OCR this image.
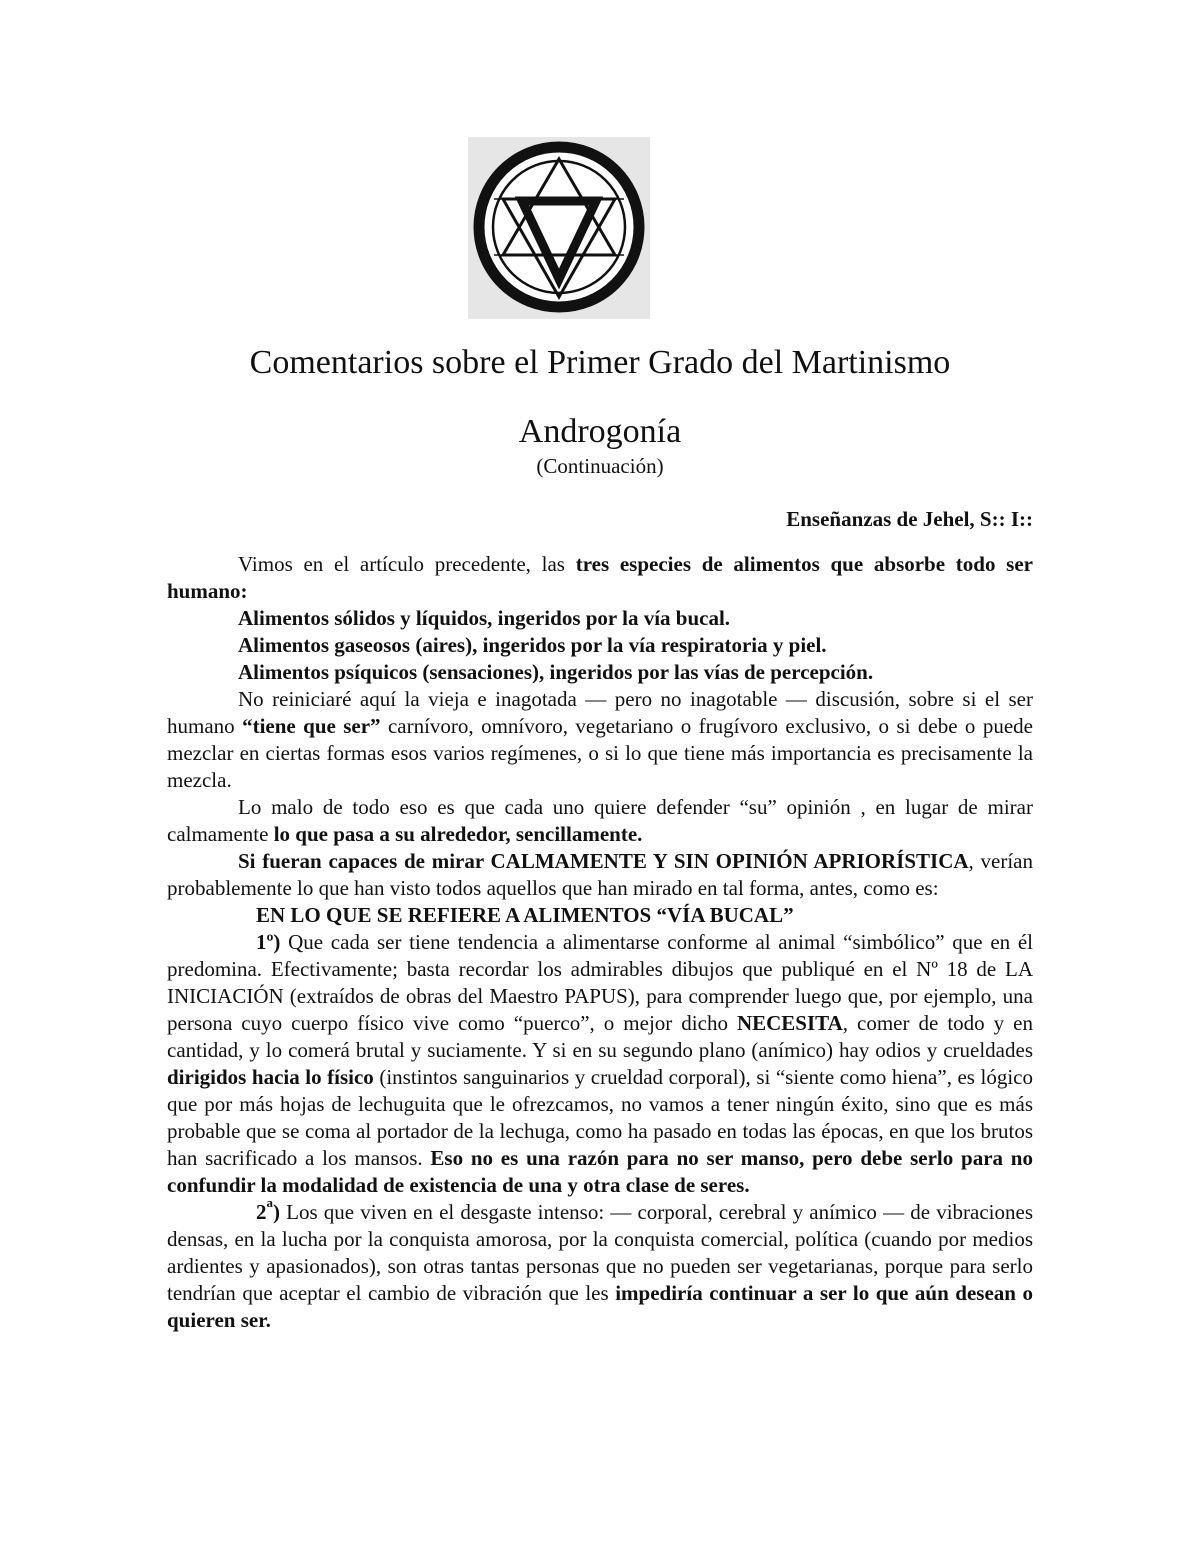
Comentarios sobre el Primer Grado del Martinismo
Androgonía
(Continuación)
Enseñanzas de Jehel, S:: I::

Vimos en el artículo precedente, las tres especies de alimentos que absorbe todo ser humano:

Alimentos sólidos y líquidos, ingeridos por la vía bucal.

Alimentos gaseosos (aires), ingeridos por la vía respiratoria y piel.

Alimentos psíquicos (sensaciones), ingeridos por las vías de percepción.

No reiniciaré aquí la vieja e inagotada — pero no inagotable — discusión, sobre si el ser humano “tiene que ser” carnívoro, omnívoro, vegetariano o frugívoro exclusivo, o si debe o puede mezclar en ciertas formas esos varios regímenes, o si lo que tiene más importancia es precisamente la mezcla.

Lo malo de todo eso es que cada uno quiere defender “su” opinión , en lugar de mirar calmamente lo que pasa a su alrededor, sencillamente.

Si fueran capaces de mirar CALMAMENTE Y SIN OPINIÓN APRIORÍSTICA, verían probablemente lo que han visto todos aquellos que han mirado en tal forma, antes, como es:

EN LO QUE SE REFIERE A ALIMENTOS “VÍA BUCAL”

1º) Que cada ser tiene tendencia a alimentarse conforme al animal “simbólico” que en él predomina. Efectivamente; basta recordar los admirables dibujos que publiqué en el Nº 18 de LA INICIACIÓN (extraídos de obras del Maestro PAPUS), para comprender luego que, por ejemplo, una persona cuyo cuerpo físico vive como “puerco”, o mejor dicho NECESITA, comer de todo y en cantidad, y lo comerá brutal y suciamente. Y si en su segundo plano (anímico) hay odios y crueldades dirigidos hacia lo físico (instintos sanguinarios y crueldad corporal), si “siente como hiena”, es lógico que por más hojas de lechuguita que le ofrezcamos, no vamos a tener ningún éxito, sino que es más probable que se coma al portador de la lechuga, como ha pasado en todas las épocas, en que los brutos han sacrificado a los mansos. Eso no es una razón para no ser manso, pero debe serlo para no confundir la modalidad de existencia de una y otra clase de seres.

2$^a$) Los que viven en el desgaste intenso: — corporal, cerebral y anímico — de vibraciones densas, en la lucha por la conquista amorosa, por la conquista comercial, política (cuando por medios ardientes y apasionados), son otras tantas personas que no pueden ser vegetarianas, porque para serlo tendrían que aceptar el cambio de vibración que les impediría continuar a ser lo que aún desean o quieren ser.
